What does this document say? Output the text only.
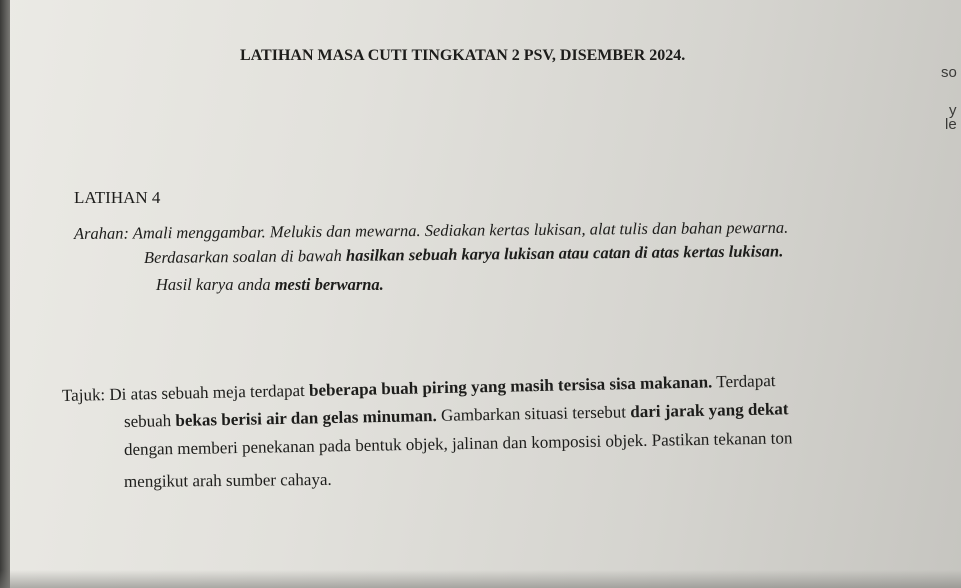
LATIHAN MASA CUTI TINGKATAN 2 PSV, DISEMBER 2024.
so
y
le
LATIHAN 4
Arahan: Amali menggambar. Melukis dan mewarna. Sediakan kertas lukisan, alat tulis dan bahan pewarna.
Berdasarkan soalan di bawah hasilkan sebuah karya lukisan atau catan di atas kertas lukisan.
Hasil karya anda mesti berwarna.
Tajuk: Di atas sebuah meja terdapat beberapa buah piring yang masih tersisa sisa makanan. Terdapat
sebuah bekas berisi air dan gelas minuman. Gambarkan situasi tersebut dari jarak yang dekat
dengan memberi penekanan pada bentuk objek, jalinan dan komposisi objek. Pastikan tekanan ton
mengikut arah sumber cahaya.
